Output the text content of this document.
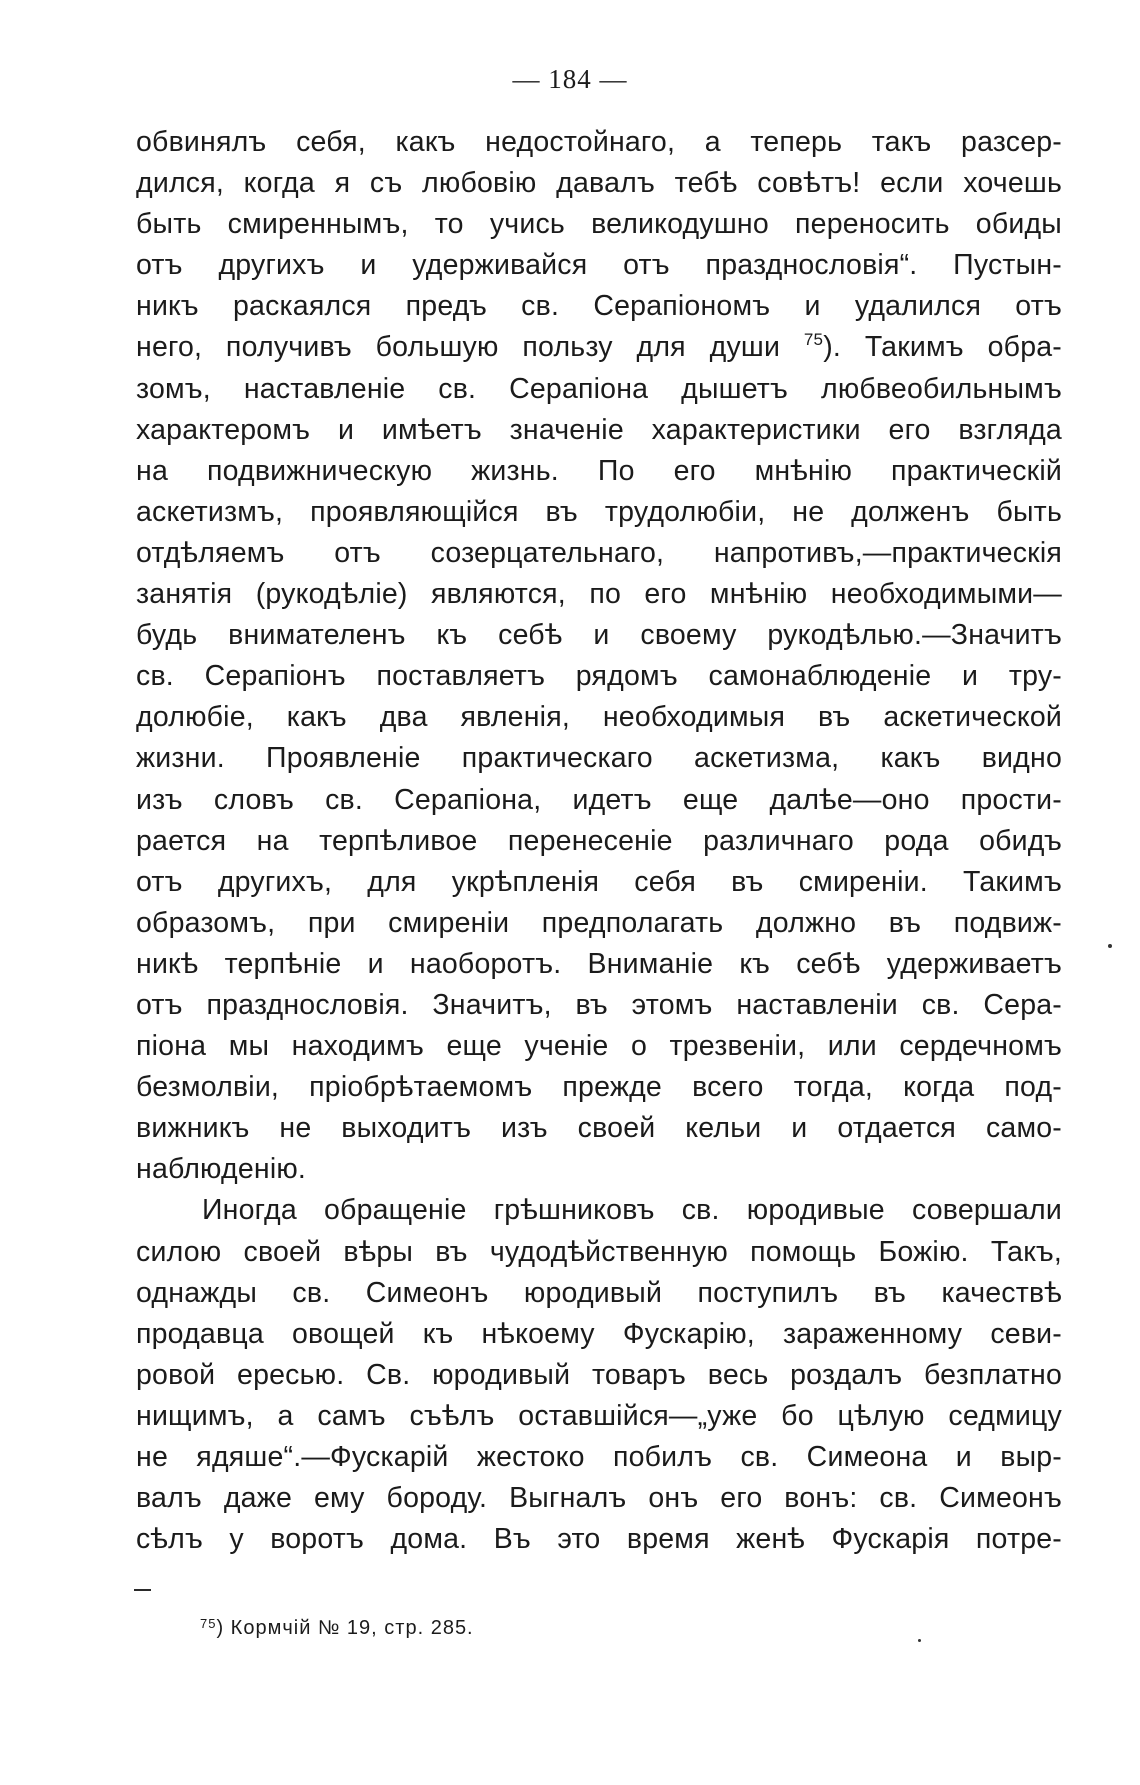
— 184 —
обвинялъ себя, какъ недостойнаго, а теперь такъ разсер-
дился, когда я съ любовію давалъ тебѣ совѣтъ! если хочешь
быть смиреннымъ, то учись великодушно переносить обиды
отъ другихъ и удерживайся отъ празднословія“. Пустын-
никъ раскаялся предъ св. Серапіономъ и удалился отъ
него, получивъ большую пользу для души $^{75}$). Такимъ обра-
зомъ, наставленіе св. Серапіона дышетъ любвеобильнымъ
характеромъ и имѣетъ значеніе характеристики его взгляда
на подвижническую жизнь. По его мнѣнію практическій
аскетизмъ, проявляющійся въ трудолюбіи, не долженъ быть
отдѣляемъ отъ созерцательнаго, напротивъ,—практическія
занятія (рукодѣліе) являются, по его мнѣнію необходимыми—
будь внимателенъ къ себѣ и своему рукодѣлью.—Значитъ
св. Серапіонъ поставляетъ рядомъ самонаблюденіе и тру-
долюбіе, какъ два явленія, необходимыя въ аскетической
жизни. Проявленіе практическаго аскетизма, какъ видно
изъ словъ св. Серапіона, идетъ еще далѣе—оно прости-
рается на терпѣливое перенесеніе различнаго рода обидъ
отъ другихъ, для укрѣпленія себя въ смиреніи. Такимъ
образомъ, при смиреніи предполагать должно въ подвиж-
никѣ терпѣніе и наоборотъ. Вниманіе къ себѣ удерживаетъ
отъ празднословія. Значитъ, въ этомъ наставленіи св. Сера-
піона мы находимъ еще ученіе о трезвеніи, или сердечномъ
безмолвіи, пріобрѣтаемомъ прежде всего тогда, когда под-
вижникъ не выходитъ изъ своей кельи и отдается само-
наблюденію.
Иногда обращеніе грѣшниковъ св. юродивые совершали
силою своей вѣры въ чудодѣйственную помощь Божію. Такъ,
однажды св. Симеонъ юродивый поступилъ въ качествѣ
продавца овощей къ нѣкоему Фускарію, зараженному севи-
ровой ересью. Св. юродивый товаръ весь роздалъ безплатно
нищимъ, а самъ съѣлъ оставшійся—„уже бо цѣлую седмицу
не ядяше“.—Фускарій жестоко побилъ св. Симеона и выр-
валъ даже ему бороду. Выгналъ онъ его вонъ: св. Симеонъ
сѣлъ у воротъ дома. Въ это время женѣ Фускарія потре-
$^{75}$) Кормчій № 19, стр. 285.
